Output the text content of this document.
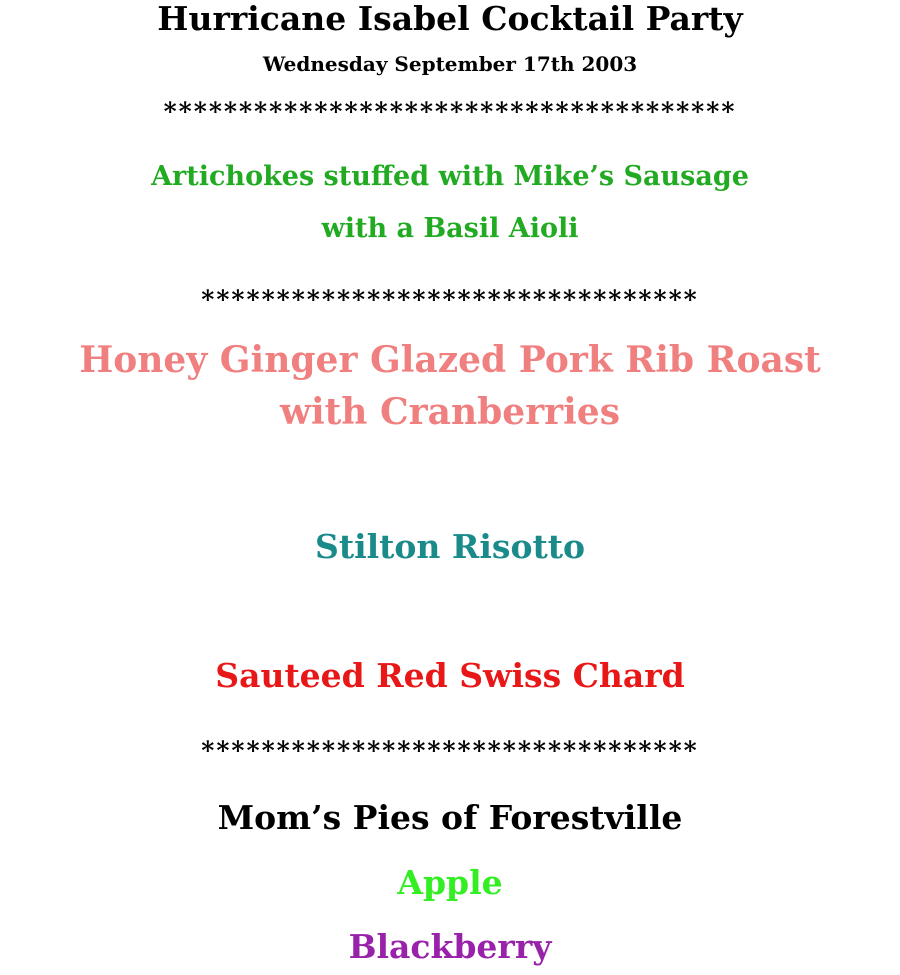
Hurricane Isabel Cocktail Party
Wednesday September 17th 2003
**************************************
Artichokes stuffed with Mike’s Sausage
with a Basil Aioli
*********************************
Honey Ginger Glazed Pork Rib Roast
with Cranberries
Stilton Risotto
Sauteed Red Swiss Chard
*********************************
Mom’s Pies of Forestville
Apple
Blackberry
